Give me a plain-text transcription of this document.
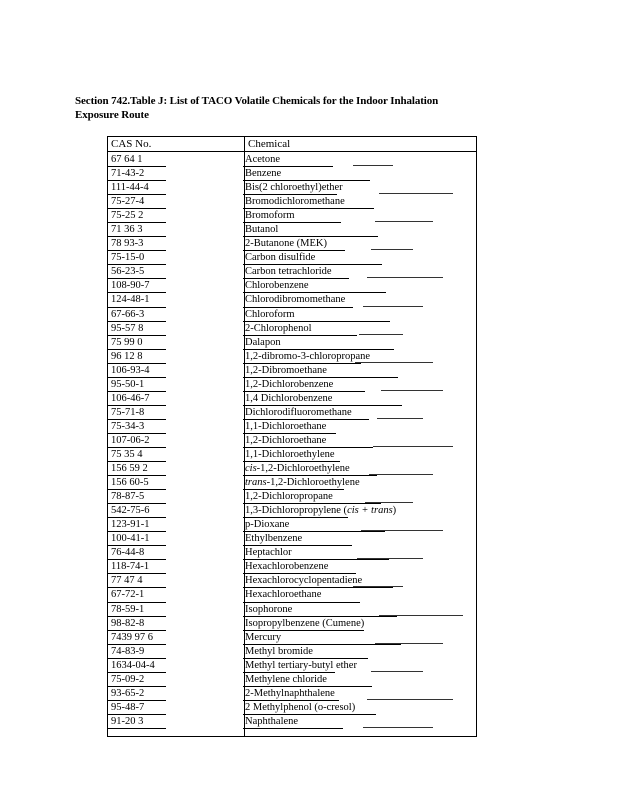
Section 742.Table J: List of TACO Volatile Chemicals for the Indoor Inhalation
Exposure Route
CAS No.	Chemical
67 64 1	Acetone
71-43-2	Benzene
111-44-4	Bis(2 chloroethyl)ether
75-27-4	Bromodichloromethane
75-25 2	Bromoform
71 36 3	Butanol
78 93-3	2-Butanone (MEK)
75-15-0	Carbon disulfide
56-23-5	Carbon tetrachloride
108-90-7	Chlorobenzene
124-48-1	Chlorodibromomethane
67-66-3	Chloroform
95-57 8	2-Chlorophenol
75 99 0	Dalapon
96 12 8	1,2-dibromo-3-chloropropane
106-93-4	1,2-Dibromoethane
95-50-1	1,2-Dichlorobenzene
106-46-7	1,4 Dichlorobenzene
75-71-8	Dichlorodifluoromethane
75-34-3	1,1-Dichloroethane
107-06-2	1,2-Dichloroethane
75 35 4	1,1-Dichloroethylene
156 59 2	cis-1,2-Dichloroethylene
156 60-5	trans-1,2-Dichloroethylene
78-87-5	1,2-Dichloropropane
542-75-6	1,3-Dichloropropylene (cis + trans)
123-91-1	p-Dioxane
100-41-1	Ethylbenzene
76-44-8	Heptachlor
118-74-1	Hexachlorobenzene
77 47 4	Hexachlorocyclopentadiene
67-72-1	Hexachloroethane
78-59-1	Isophorone
98-82-8	Isopropylbenzene (Cumene)
7439 97 6	Mercury
74-83-9	Methyl bromide
1634-04-4	Methyl tertiary-butyl ether
75-09-2	Methylene chloride
93-65-2	2-Methylnaphthalene
95-48-7	2 Methylphenol (o-cresol)
91-20 3	Naphthalene
